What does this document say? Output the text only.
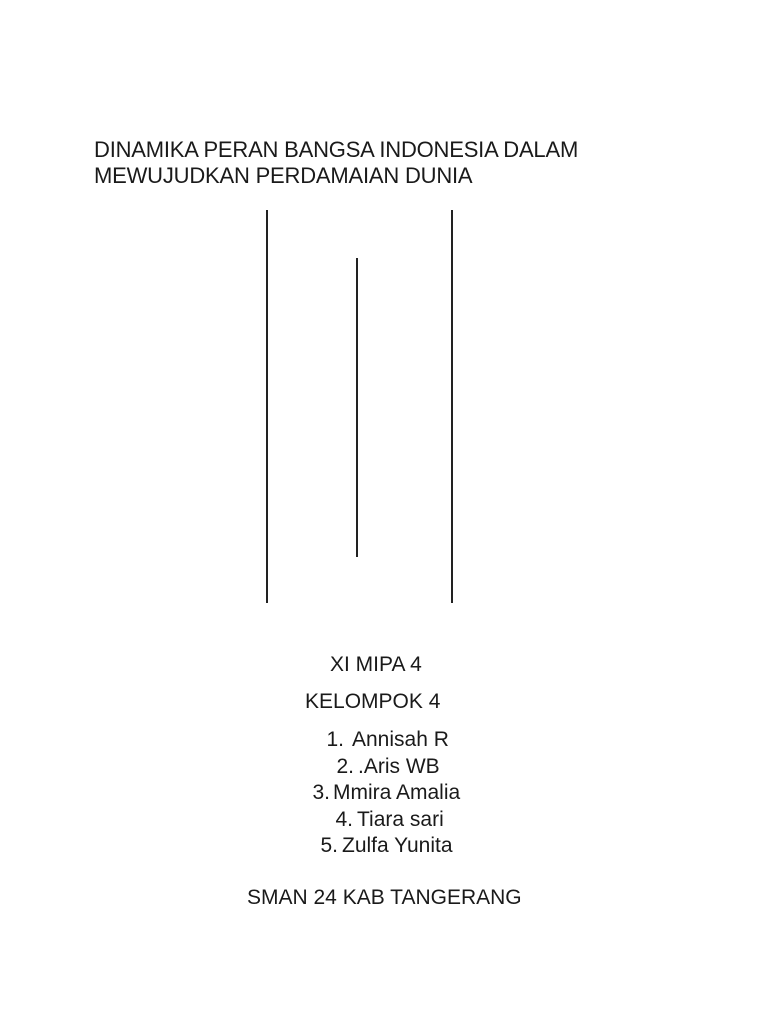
DINAMIKA PERAN BANGSA INDONESIA DALAM
MEWUJUDKAN PERDAMAIAN DUNIA
XI MIPA 4
KELOMPOK 4
1. Annisah R
2. .Aris WB
3. Mmira Amalia
4. Tiara sari
5. Zulfa Yunita
SMAN 24 KAB TANGERANG
